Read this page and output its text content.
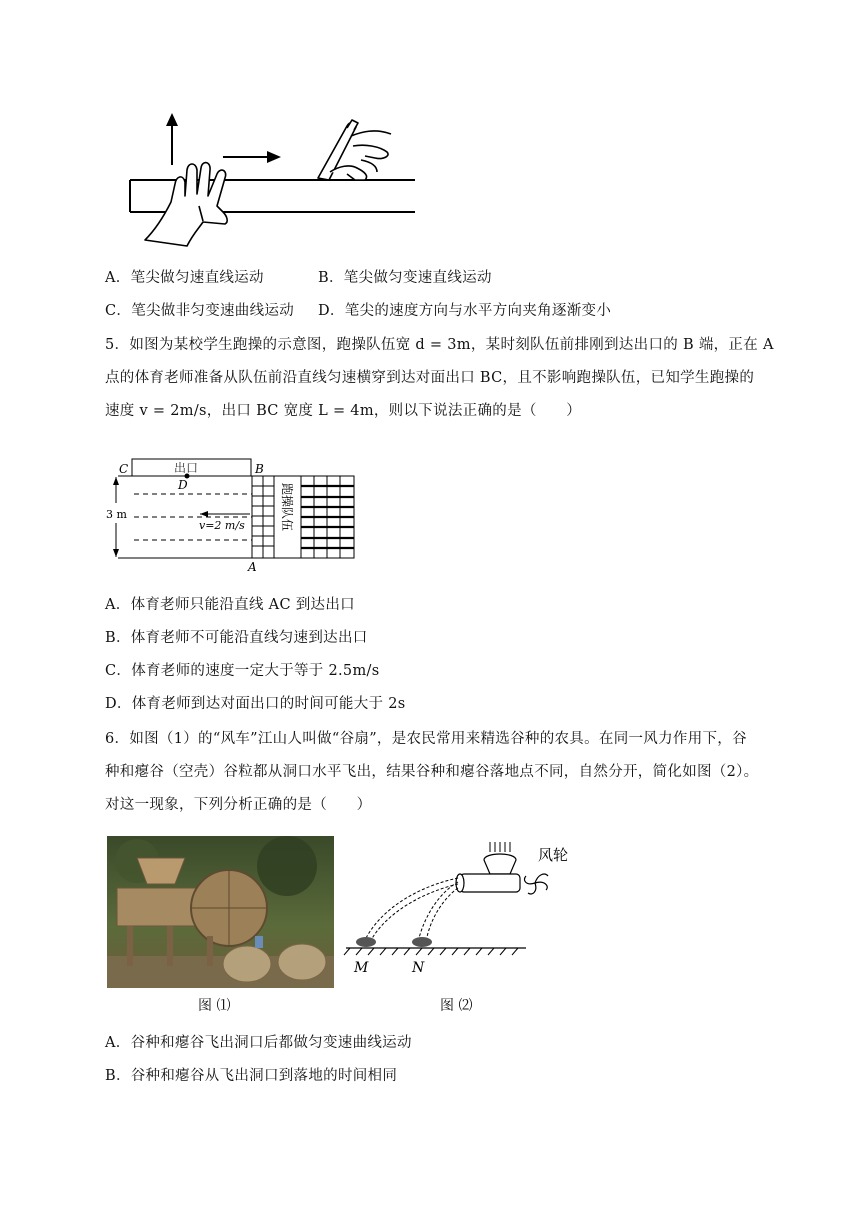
A．笔尖做匀速直线运动	B．笔尖做匀变速直线运动
C．笔尖做非匀变速曲线运动 D．笔尖的速度方向与水平方向夹角逐渐变小
5．如图为某校学生跑操的示意图，跑操队伍宽 d = 3m，某时刻队伍前排刚到达出口的 B 端，正在 A
点的体育老师准备从队伍前沿直线匀速横穿到达对面出口 BC，且不影响跑操队伍，已知学生跑操的
速度 v = 2m/s，出口 BC 宽度 L = 4m，则以下说法正确的是（　　）
C	B
A
D
出口
3 m
v=2 m/s	跑操队伍
A．体育老师只能沿直线 AC 到达出口
B．体育老师不可能沿直线匀速到达出口
C．体育老师的速度一定大于等于 2.5m/s
D．体育老师到达对面出口的时间可能大于 2s
6．如图（1）的“风车”江山人叫做“谷扇”，是农民常用来精选谷种的农具。在同一风力作用下，谷
种和瘪谷（空壳）谷粒都从洞口水平飞出，结果谷种和瘪谷落地点不同，自然分开，简化如图（2）。
对这一现象，下列分析正确的是（　　）
风轮
M	N
图 ⑴	图 ⑵
A．谷种和瘪谷飞出洞口后都做匀变速曲线运动
B．谷种和瘪谷从飞出洞口到落地的时间相同
